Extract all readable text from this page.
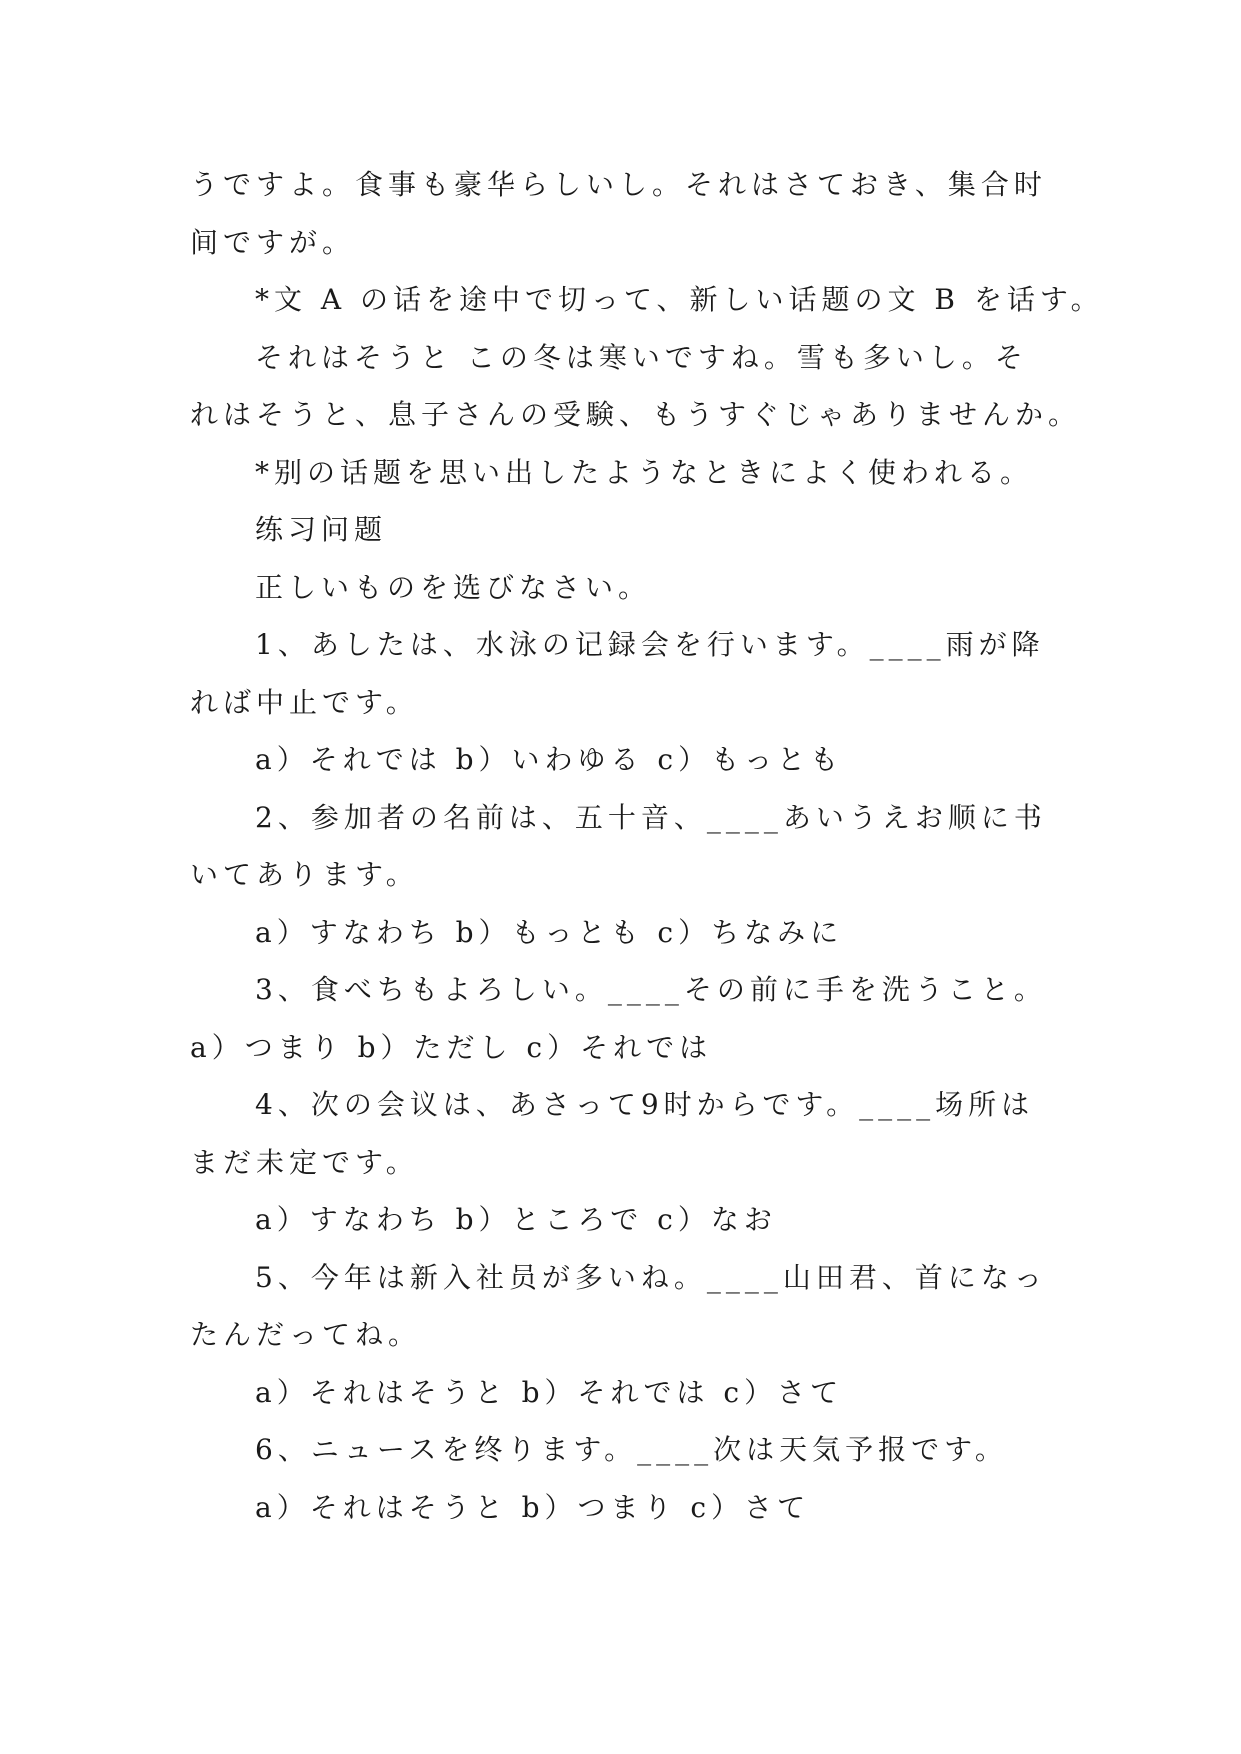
うですよ。食事も豪华らしいし。それはさておき、集合时
间ですが。
*文 A の话を途中で切って、新しい话题の文 B を话す。
それはそうと この冬は寒いですね。雪も多いし。そ
れはそうと、息子さんの受験、もうすぐじゃありませんか。
*别の话题を思い出したようなときによく使われる。
练习问题
正しいものを选びなさい。
1、あしたは、水泳の记録会を行います。____雨が降
れば中止です。
a）それでは b）いわゆる c）もっとも
2、参加者の名前は、五十音、____あいうえお顺に书
いてあります。
a）すなわち b）もっとも c）ちなみに
3、食べちもよろしい。____その前に手を洗うこと。
a）つまり b）ただし c）それでは
4、次の会议は、あさって9时からです。____场所は
まだ未定です。
a）すなわち b）ところで c）なお
5、今年は新入社员が多いね。____山田君、首になっ
たんだってね。
a）それはそうと b）それでは c）さて
6、ニュースを终ります。____次は天気予报です。
a）それはそうと b）つまり c）さて
